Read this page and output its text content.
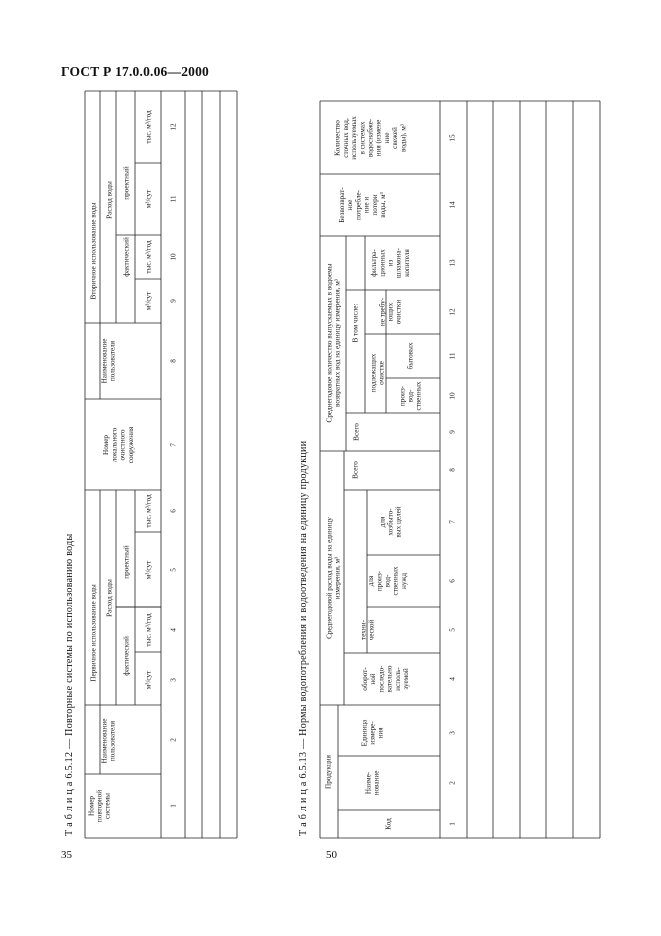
ГОСТ Р 17.0.0.06—2000
35	50
Т а б л и ц а 6.5.12 — Повторные системы по использованию воды	Т а б л и ц а 6.5.13 — Нормы водопотребления и водоотведения на единицу продукции
Номерповторнойсистемы
Первичное использование воды
Наименованиепользователя
Расход воды
фактический
проектный
м³/сут
тыс. м³/год
м³/сут
тыс. м³/год
Номерлокальногоочистногосооружения
Вторичное использование воды
Наименованиепользователя
Расход воды
фактический
проектный
м³/сут
тыс. м³/год
м³/сут
тыс. м³/год
1
2
3
4
5
6
7
8
9
10
11
12
Продукция
Код
Наиме-нование
Единицаизмере-ния
Среднегодовой расход воды на единицуизмерения, м³
оборот-нойпоследо-вательноисполь-зуемой
техни-ческой
дляпроиз-вод-ственныхнужд
дляхозбыто-вых целей
Всего
Среднегодовое количество выпускаемых в водоемывозвратных вод на единицу измерения, м³
Всего
В том числе:
подлежащихочистке
произ-вод-ственных
бытовых
не требу-ющихочистки
фильтра-ционныхизшламона-копителя
Безвозврат-ноепотребле-ние ипотериводы, м³
Количествосточных вод,используемыхв системахводоснабже-ния (изменениесвежейводы), м³
1
2
3
4
5
6
7
8
9
10
11
12
13
14
15
